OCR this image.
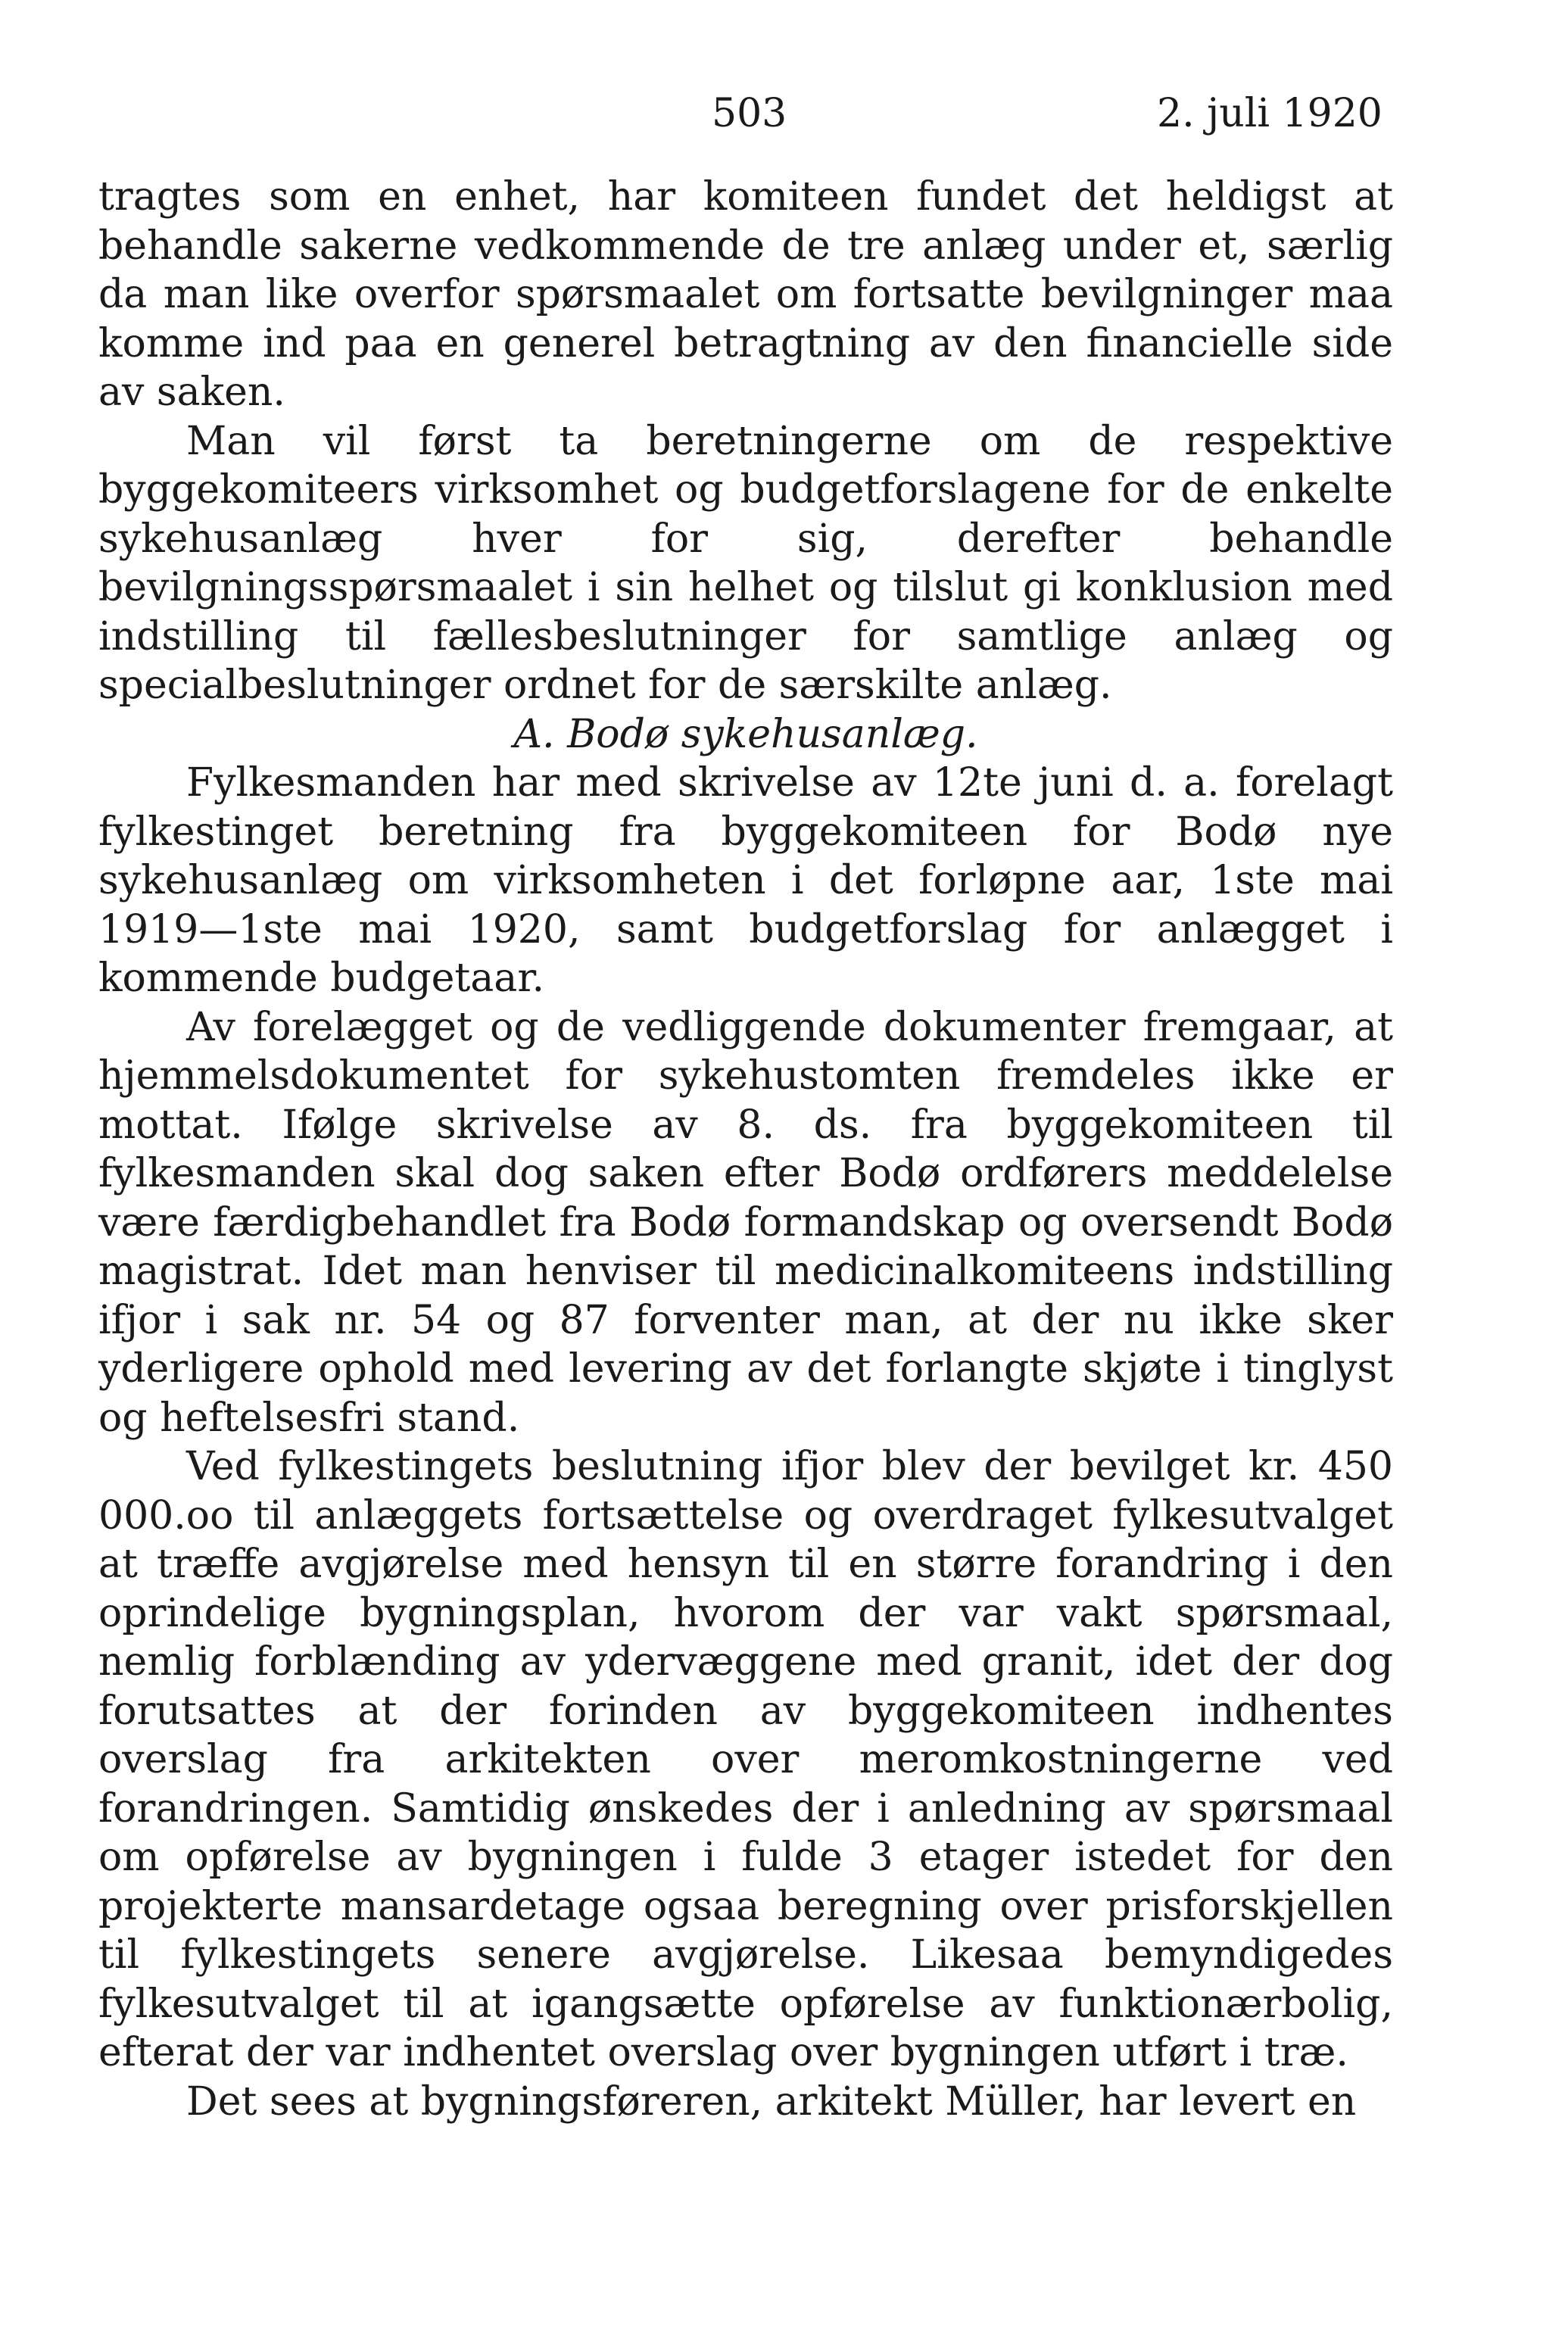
503	2. juli 1920

tragtes som en enhet, har komiteen fundet det heldigst at behandle sakerne vedkommende de tre anlæg under et, særlig da man like overfor spørsmaalet om fortsatte bevilgninger maa komme ind paa en generel betragtning av den financielle side av saken.

Man vil først ta beretningerne om de respektive byggekomiteers virksomhet og budgetforslagene for de enkelte sykehusanlæg hver for sig, derefter behandle bevilgningsspørsmaalet i sin helhet og tilslut gi konklusion med indstilling til fællesbeslutninger for samtlige anlæg og specialbeslutninger ordnet for de særskilte anlæg.

A. Bodø sykehusanlæg.

Fylkesmanden har med skrivelse av 12te juni d. a. forelagt fylkestinget beretning fra byggekomiteen for Bodø nye sykehusanlæg om virksomheten i det forløpne aar, 1ste mai 1919—1ste mai 1920, samt budgetforslag for anlægget i kommende budgetaar.

Av forelægget og de vedliggende dokumenter fremgaar, at hjemmelsdokumentet for sykehustomten fremdeles ikke er mottat. Ifølge skrivelse av 8. ds. fra byggekomiteen til fylkesmanden skal dog saken efter Bodø ordførers meddelelse være færdigbehandlet fra Bodø formandskap og oversendt Bodø magistrat. Idet man henviser til medicinalkomiteens indstilling ifjor i sak nr. 54 og 87 forventer man, at der nu ikke sker yderligere ophold med levering av det forlangte skjøte i tinglyst og heftelsesfri stand.

Ved fylkestingets beslutning ifjor blev der bevilget kr. 450 000.oo til anlæggets fortsættelse og overdraget fylkesutvalget at træffe avgjørelse med hensyn til en større forandring i den oprindelige bygningsplan, hvorom der var vakt spørsmaal, nemlig forblænding av ydervæggene med granit, idet der dog forutsattes at der forinden av byggekomiteen indhentes overslag fra arkitekten over meromkostningerne ved forandringen. Samtidig ønskedes der i anledning av spørsmaal om opførelse av bygningen i fulde 3 etager istedet for den projekterte mansardetage ogsaa beregning over prisforskjellen til fylkestingets senere avgjørelse. Likesaa bemyndigedes fylkesutvalget til at igangsætte opførelse av funktionærbolig, efterat der var indhentet overslag over bygningen utført i træ.

Det sees at bygningsføreren, arkitekt Müller, har levert en
